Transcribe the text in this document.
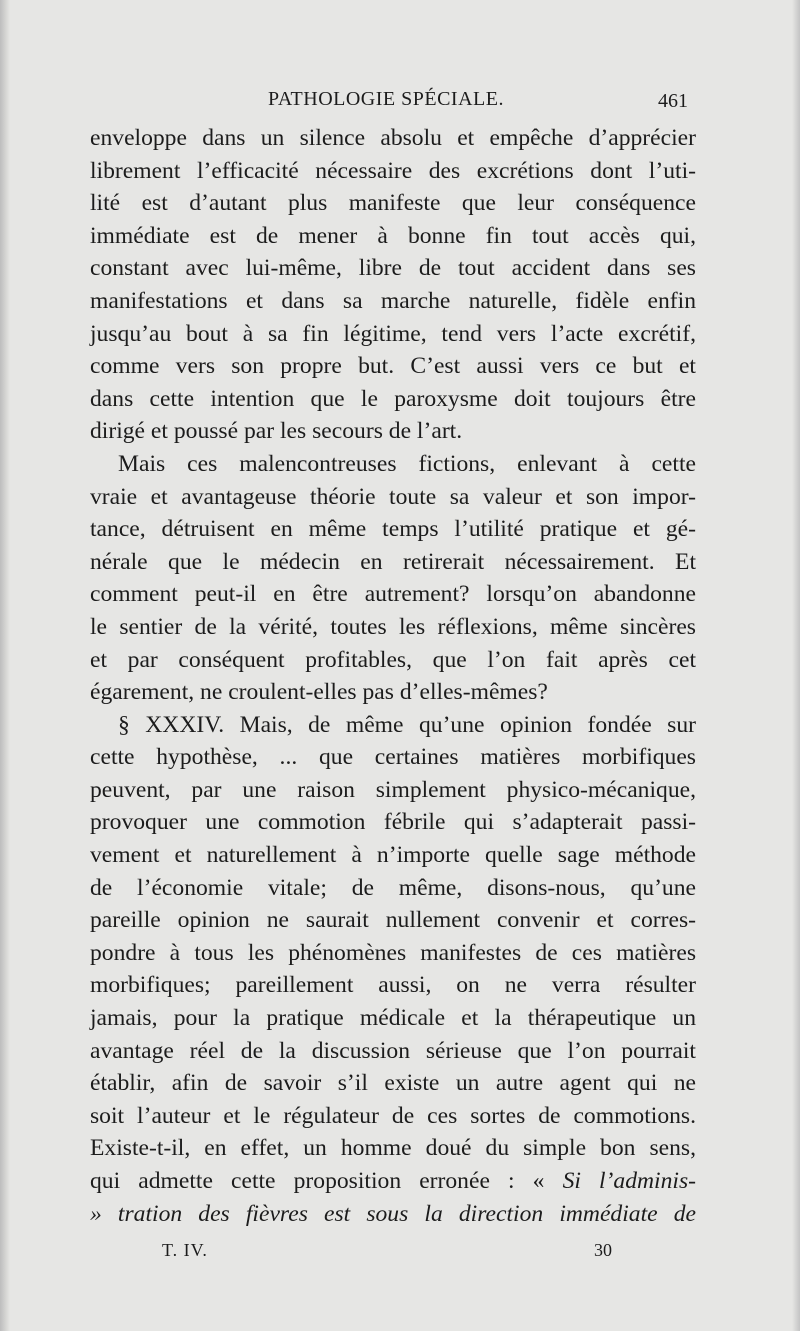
PATHOLOGIE SPÉCIALE.	461
enveloppe dans un silence absolu et empêche d’apprécier
librement l’efficacité nécessaire des excrétions dont l’uti-
lité est d’autant plus manifeste que leur conséquence
immédiate est de mener à bonne fin tout accès qui,
constant avec lui-même, libre de tout accident dans ses
manifestations et dans sa marche naturelle, fidèle enfin
jusqu’au bout à sa fin légitime, tend vers l’acte excrétif,
comme vers son propre but. C’est aussi vers ce but et
dans cette intention que le paroxysme doit toujours être
dirigé et poussé par les secours de l’art.
Mais ces malencontreuses fictions, enlevant à cette
vraie et avantageuse théorie toute sa valeur et son impor-
tance, détruisent en même temps l’utilité pratique et gé-
nérale que le médecin en retirerait nécessairement. Et
comment peut-il en être autrement? lorsqu’on abandonne
le sentier de la vérité, toutes les réflexions, même sincères
et par conséquent profitables, que l’on fait après cet
égarement, ne croulent-elles pas d’elles-mêmes?
§ XXXIV. Mais, de même qu’une opinion fondée sur
cette hypothèse, ... que certaines matières morbifiques
peuvent, par une raison simplement physico-mécanique,
provoquer une commotion fébrile qui s’adapterait passi-
vement et naturellement à n’importe quelle sage méthode
de l’économie vitale; de même, disons-nous, qu’une
pareille opinion ne saurait nullement convenir et corres-
pondre à tous les phénomènes manifestes de ces matières
morbifiques; pareillement aussi, on ne verra résulter
jamais, pour la pratique médicale et la thérapeutique un
avantage réel de la discussion sérieuse que l’on pourrait
établir, afin de savoir s’il existe un autre agent qui ne
soit l’auteur et le régulateur de ces sortes de commotions.
Existe-t-il, en effet, un homme doué du simple bon sens,
qui admette cette proposition erronée : « Si l’adminis-
» tration des fièvres est sous la direction immédiate de
T. IV.	30
